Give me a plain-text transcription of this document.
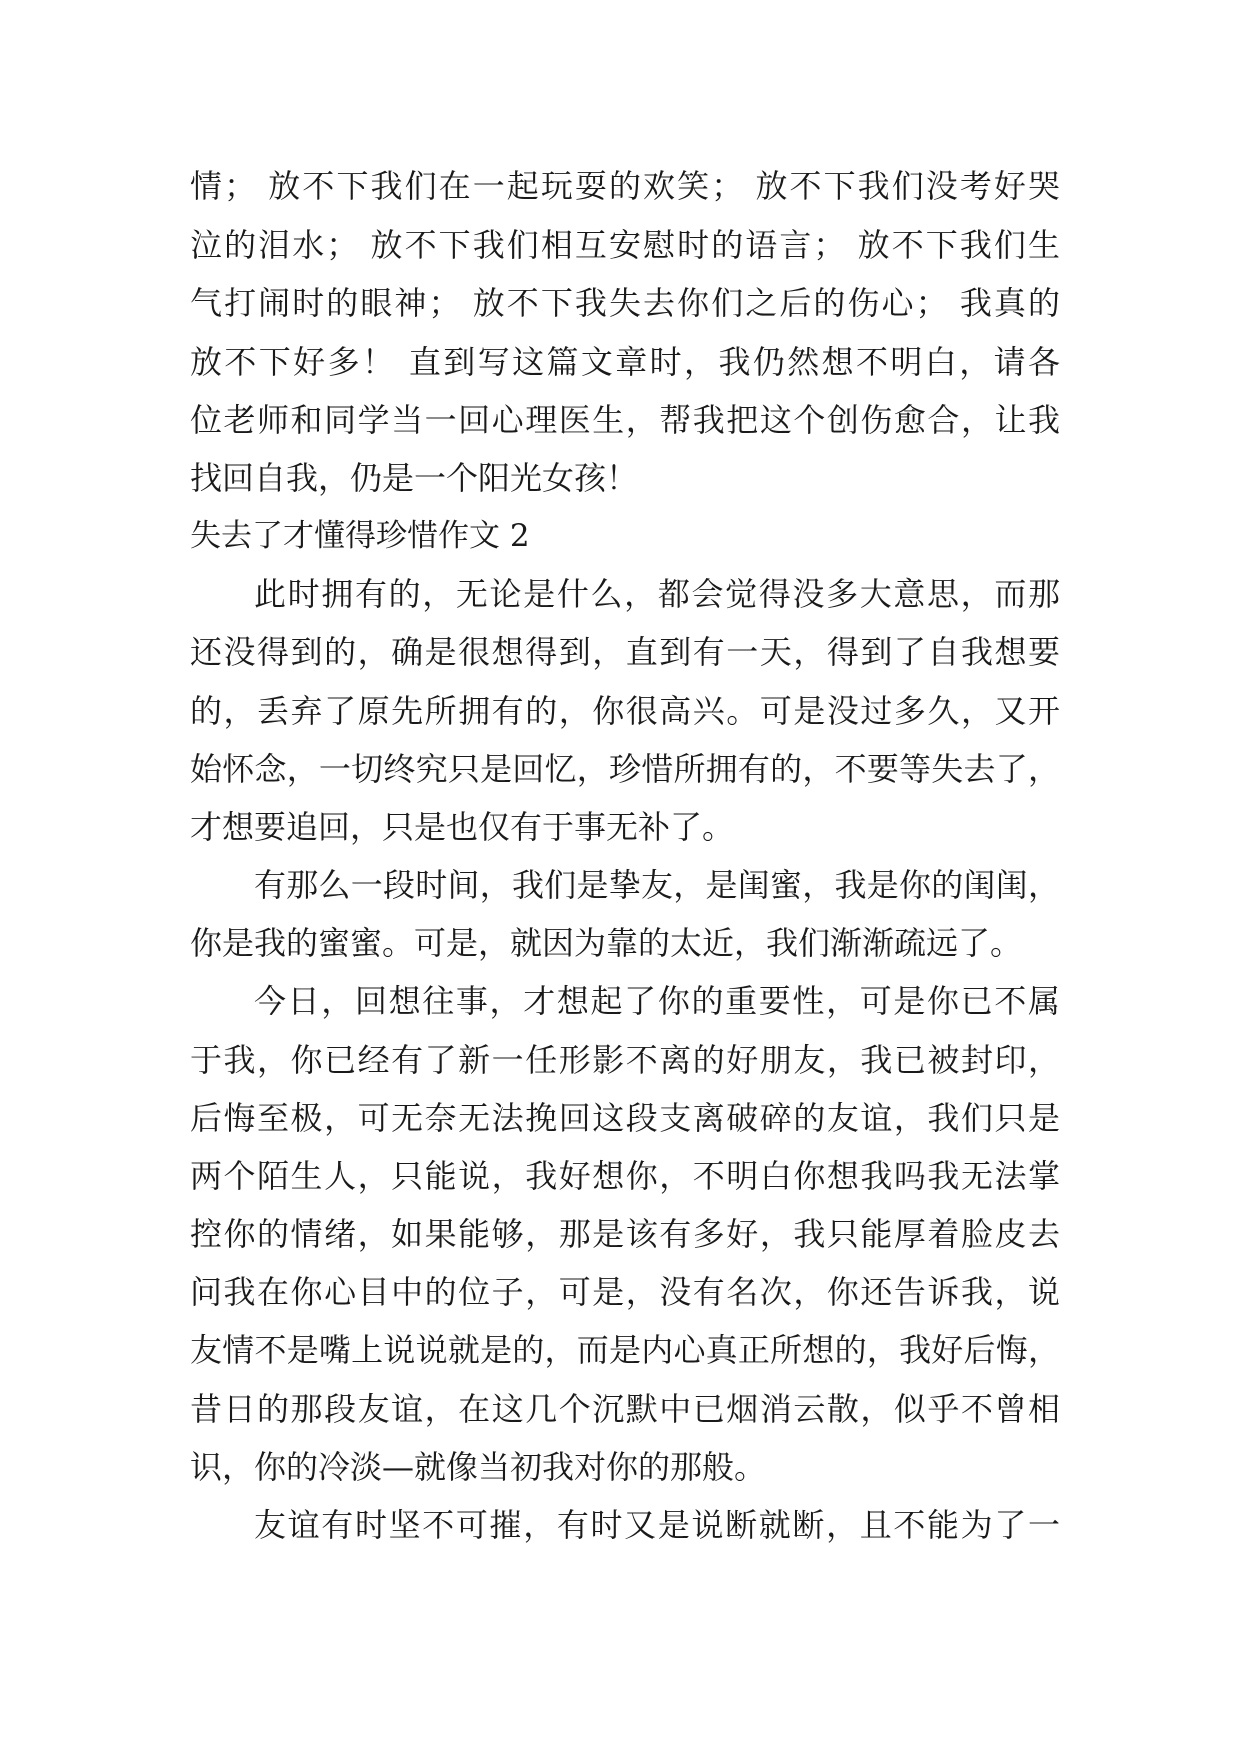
情； 放不下我们在一起玩耍的欢笑； 放不下我们没考好哭
泣的泪水； 放不下我们相互安慰时的语言； 放不下我们生
气打闹时的眼神； 放不下我失去你们之后的伤心； 我真的
放不下好多！ 直到写这篇文章时，我仍然想不明白，请各
位老师和同学当一回心理医生，帮我把这个创伤愈合，让我
找回自我，仍是一个阳光女孩！
失去了才懂得珍惜作文 2
此时拥有的，无论是什么，都会觉得没多大意思，而那
还没得到的，确是很想得到，直到有一天，得到了自我想要
的，丢弃了原先所拥有的，你很高兴。可是没过多久，又开
始怀念，一切终究只是回忆，珍惜所拥有的，不要等失去了，
才想要追回，只是也仅有于事无补了。
有那么一段时间，我们是挚友，是闺蜜，我是你的闺闺，
你是我的蜜蜜。可是，就因为靠的太近，我们渐渐疏远了。
今日，回想往事，才想起了你的重要性，可是你已不属
于我，你已经有了新一任形影不离的好朋友，我已被封印，
后悔至极，可无奈无法挽回这段支离破碎的友谊，我们只是
两个陌生人，只能说，我好想你，不明白你想我吗我无法掌
控你的情绪，如果能够，那是该有多好，我只能厚着脸皮去
问我在你心目中的位子，可是，没有名次，你还告诉我，说
友情不是嘴上说说就是的，而是内心真正所想的，我好后悔，
昔日的那段友谊，在这几个沉默中已烟消云散，似乎不曾相
识，你的冷淡—就像当初我对你的那般。
友谊有时坚不可摧，有时又是说断就断，且不能为了一
